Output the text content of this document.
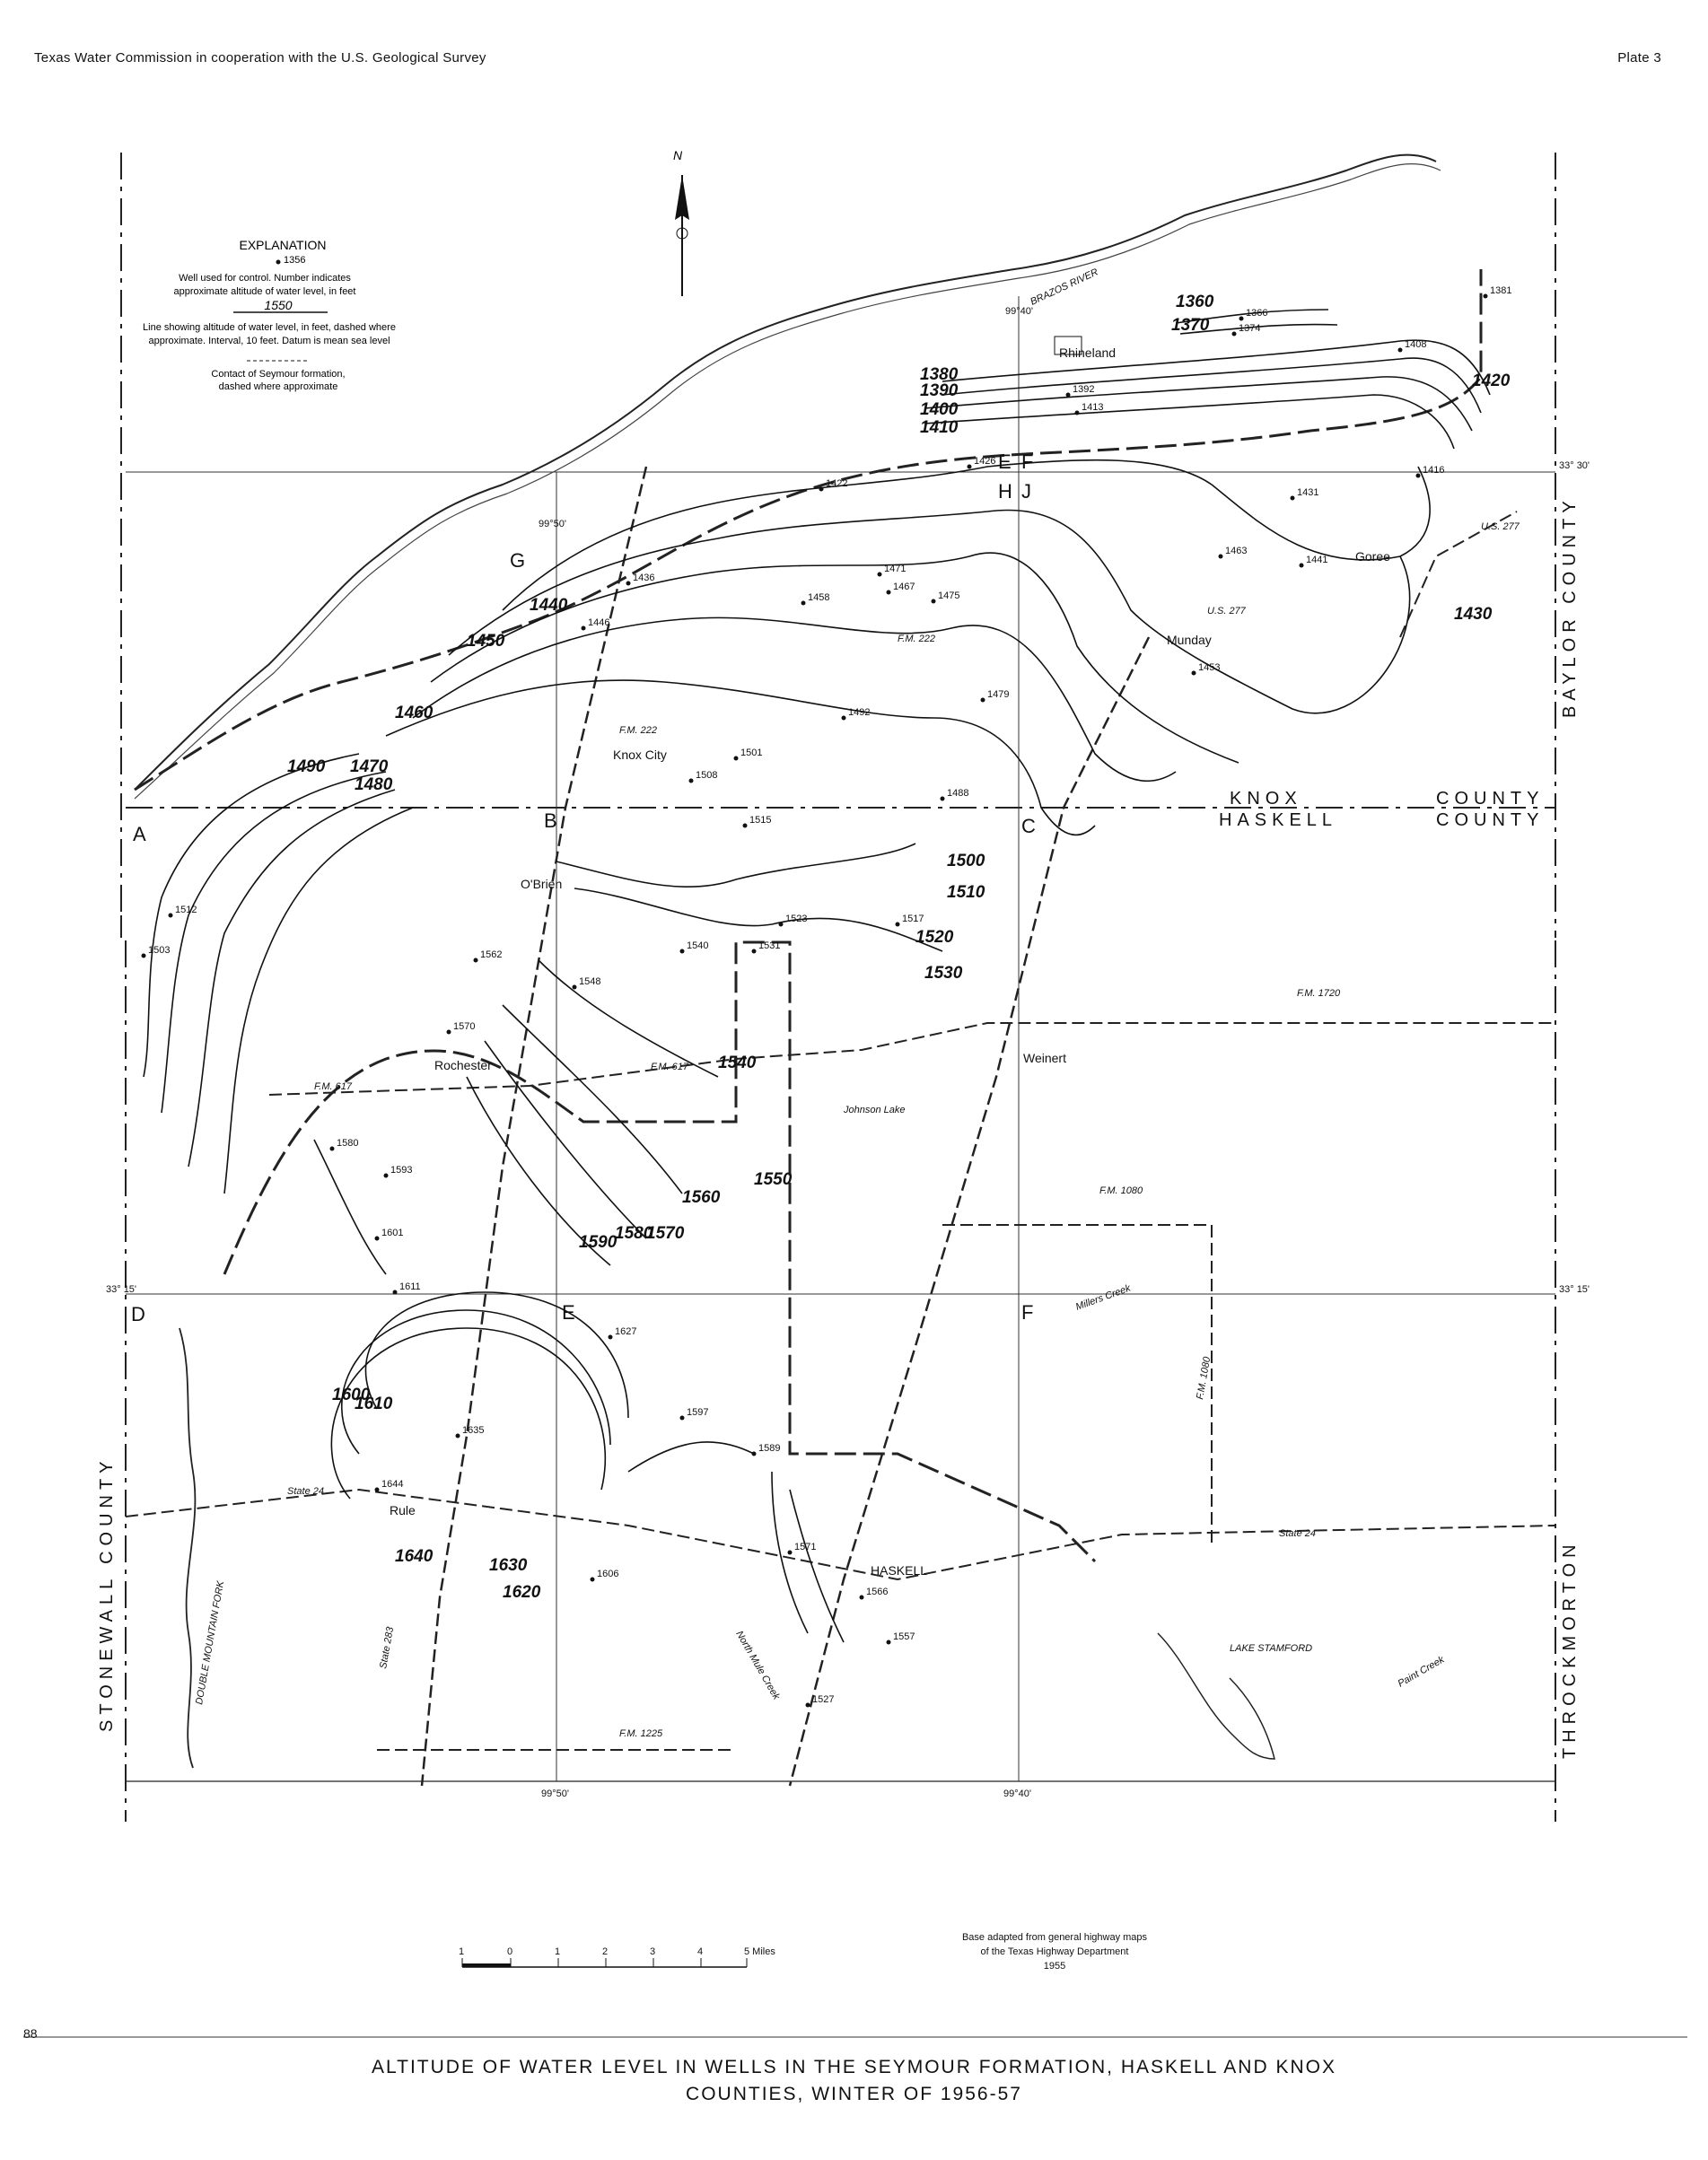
Texas Water Commission in cooperation with the U.S. Geological Survey	Plate 3
1360
1370
1380
1390
1400
1410
1420
1430
1440
1450
1460
1470
1480
1490
1500
1510
1520
1530
1540
1550
1560
1570
1580
1590
1600
1610
1620
1630
1640
EXPLANATION
1356
Well used for control. Number indicates
approximate altitude of water level, in feet
1550
Line showing altitude of water level, in feet, dashed where
approximate. Interval, 10 feet. Datum is mean sea level
Contact of Seymour formation,
dashed where approximate
N
Rhineland
Knox City
Munday
Goree
O'Brien
Rochester	Weinert
Rule
HASKELL
KNOX
HASKELL
COUNTY
COUNTY
BAYLOR COUNTY
STONEWALL COUNTY	THROCKMORTON
A
B	C
D	E	F
G
H J
E F	33° 30'
33° 15'	33° 15'
99°50'	99°40'
99°50'
99°40'
U.S. 277
F.M. 222
F.M. 222
F.M. 617
F.M. 617
F.M. 1720
F.M. 1080
F.M. 1225
State 24
State 24
U.S. 277
State 283
F.M. 1080
BRAZOS RIVER
DOUBLE MOUNTAIN FORK	LAKE STAMFORD
Johnson Lake
Millers Creek
Paint Creek
North Mule Creek
1366
1374
1392
1413
1426
1422
1436
1446
1458
1467
1475
1492
1501
1508
1515
1523
1531
1540
1548
1562
1570
1580
1593
1601
1611
1627
1635
1644
1606
1597
1589
1571
1566
1557
1527
1512
1503
1488
1471
1463
1441
1431
1416
1408
1381
1453
1479
1517
1	0	1	2	3	4	5 Miles
Base adapted from general highway maps
of the Texas Highway Department
1955
88
ALTITUDE OF WATER LEVEL IN WELLS IN THE SEYMOUR FORMATION, HASKELL AND KNOX
COUNTIES, WINTER OF 1956-57
